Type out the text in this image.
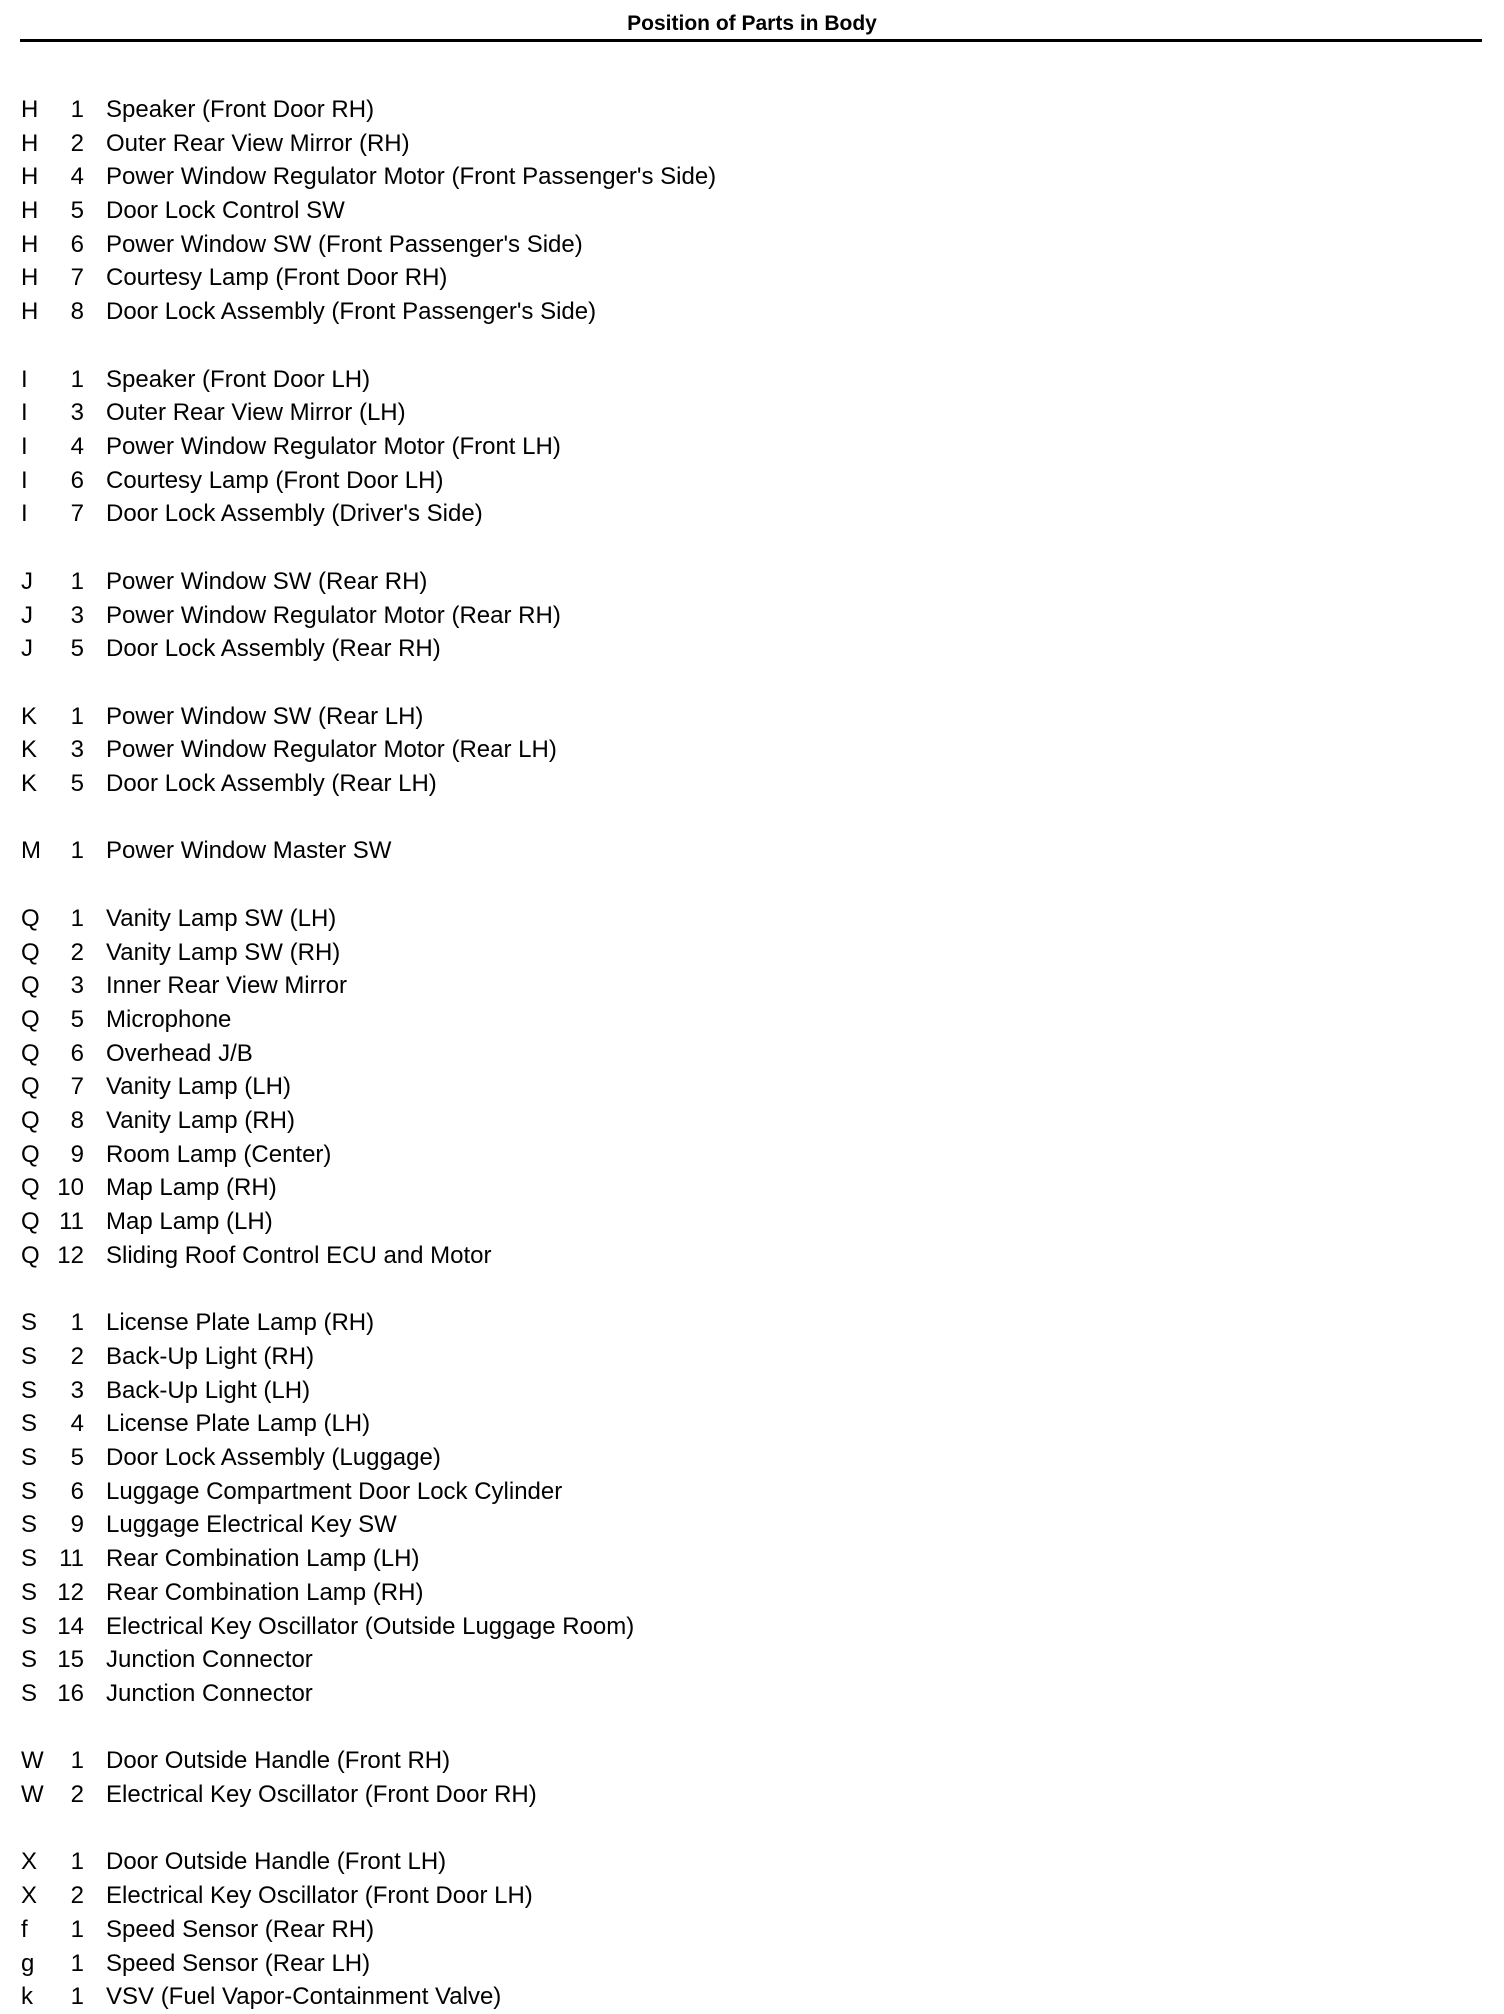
Position of Parts in Body
H	1 Speaker (Front Door RH)
H	2 Outer Rear View Mirror (RH)
H	4 Power Window Regulator Motor (Front Passenger's Side)
H	5 Door Lock Control SW
H	6 Power Window SW (Front Passenger's Side)
H	7 Courtesy Lamp (Front Door RH)
H	8 Door Lock Assembly (Front Passenger's Side)
I	1 Speaker (Front Door LH)
I	3 Outer Rear View Mirror (LH)
I	4 Power Window Regulator Motor (Front LH)
I	6 Courtesy Lamp (Front Door LH)
I	7 Door Lock Assembly (Driver's Side)
J	1 Power Window SW (Rear RH)
J	3 Power Window Regulator Motor (Rear RH)
J	5 Door Lock Assembly (Rear RH)
K	1 Power Window SW (Rear LH)
K	3 Power Window Regulator Motor (Rear LH)
K	5 Door Lock Assembly (Rear LH)
M	1 Power Window Master SW
Q	1 Vanity Lamp SW (LH)
Q	2 Vanity Lamp SW (RH)
Q	3 Inner Rear View Mirror
Q	5 Microphone
Q	6 Overhead J/B
Q	7 Vanity Lamp (LH)
Q	8 Vanity Lamp (RH)
Q	9 Room Lamp (Center)
Q 10 Map Lamp (RH)
Q 11 Map Lamp (LH)
Q 12 Sliding Roof Control ECU and Motor
S	1 License Plate Lamp (RH)
S	2 Back-Up Light (RH)
S	3 Back-Up Light (LH)
S	4 License Plate Lamp (LH)
S	5 Door Lock Assembly (Luggage)
S	6 Luggage Compartment Door Lock Cylinder
S	9 Luggage Electrical Key SW
S 11 Rear Combination Lamp (LH)
S 12 Rear Combination Lamp (RH)
S 14 Electrical Key Oscillator (Outside Luggage Room)
S 15 Junction Connector
S 16 Junction Connector
W	1 Door Outside Handle (Front RH)
W	2 Electrical Key Oscillator (Front Door RH)
X	1 Door Outside Handle (Front LH)
X	2 Electrical Key Oscillator (Front Door LH)
f	1 Speed Sensor (Rear RH)
g	1 Speed Sensor (Rear LH)
k	1 VSV (Fuel Vapor-Containment Valve)
